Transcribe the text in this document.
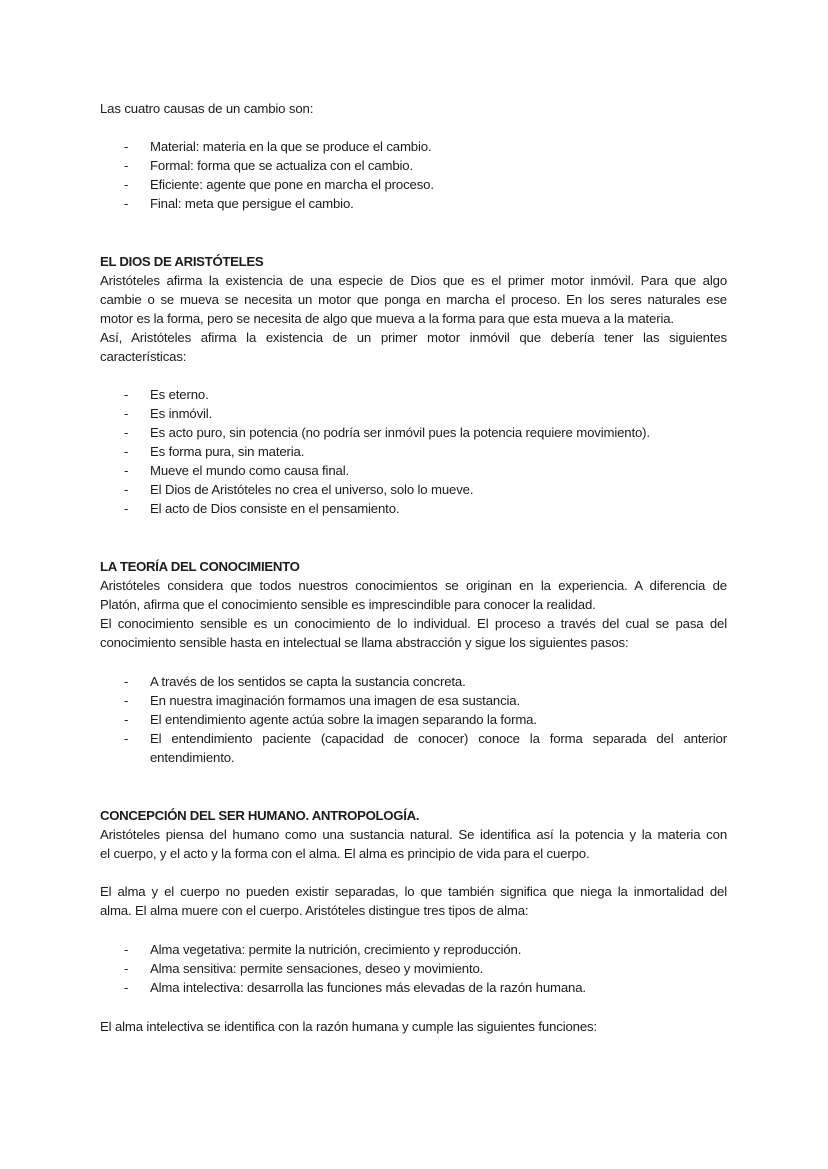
Las cuatro causas de un cambio son:
- Material: materia en la que se produce el cambio.
- Formal: forma que se actualiza con el cambio.
- Eficiente: agente que pone en marcha el proceso.
- Final: meta que persigue el cambio.
EL DIOS DE ARISTÓTELES
Aristóteles afirma la existencia de una especie de Dios que es el primer motor inmóvil. Para que algo
cambie o se mueva se necesita un motor que ponga en marcha el proceso. En los seres naturales ese
motor es la forma, pero se necesita de algo que mueva a la forma para que esta mueva a la materia.
Así, Aristóteles afirma la existencia de un primer motor inmóvil que debería tener las siguientes
características:
- Es eterno.
- Es inmóvil.
- Es acto puro, sin potencia (no podría ser inmóvil pues la potencia requiere movimiento).
- Es forma pura, sin materia.
- Mueve el mundo como causa final.
- El Dios de Aristóteles no crea el universo, solo lo mueve.
- El acto de Dios consiste en el pensamiento.
LA TEORÍA DEL CONOCIMIENTO
Aristóteles considera que todos nuestros conocimientos se originan en la experiencia. A diferencia de
Platón, afirma que el conocimiento sensible es imprescindible para conocer la realidad.
El conocimiento sensible es un conocimiento de lo individual. El proceso a través del cual se pasa del
conocimiento sensible hasta en intelectual se llama abstracción y sigue los siguientes pasos:
- A través de los sentidos se capta la sustancia concreta.
- En nuestra imaginación formamos una imagen de esa sustancia.
- El entendimiento agente actúa sobre la imagen separando la forma.
- El entendimiento paciente (capacidad de conocer) conoce la forma separada del anterior
entendimiento.
CONCEPCIÓN DEL SER HUMANO. ANTROPOLOGÍA.
Aristóteles piensa del humano como una sustancia natural. Se identifica así la potencia y la materia con
el cuerpo, y el acto y la forma con el alma. El alma es principio de vida para el cuerpo.
El alma y el cuerpo no pueden existir separadas, lo que también significa que niega la inmortalidad del
alma. El alma muere con el cuerpo. Aristóteles distingue tres tipos de alma:
- Alma vegetativa: permite la nutrición, crecimiento y reproducción.
- Alma sensitiva: permite sensaciones, deseo y movimiento.
- Alma intelectiva: desarrolla las funciones más elevadas de la razón humana.
El alma intelectiva se identifica con la razón humana y cumple las siguientes funciones:
